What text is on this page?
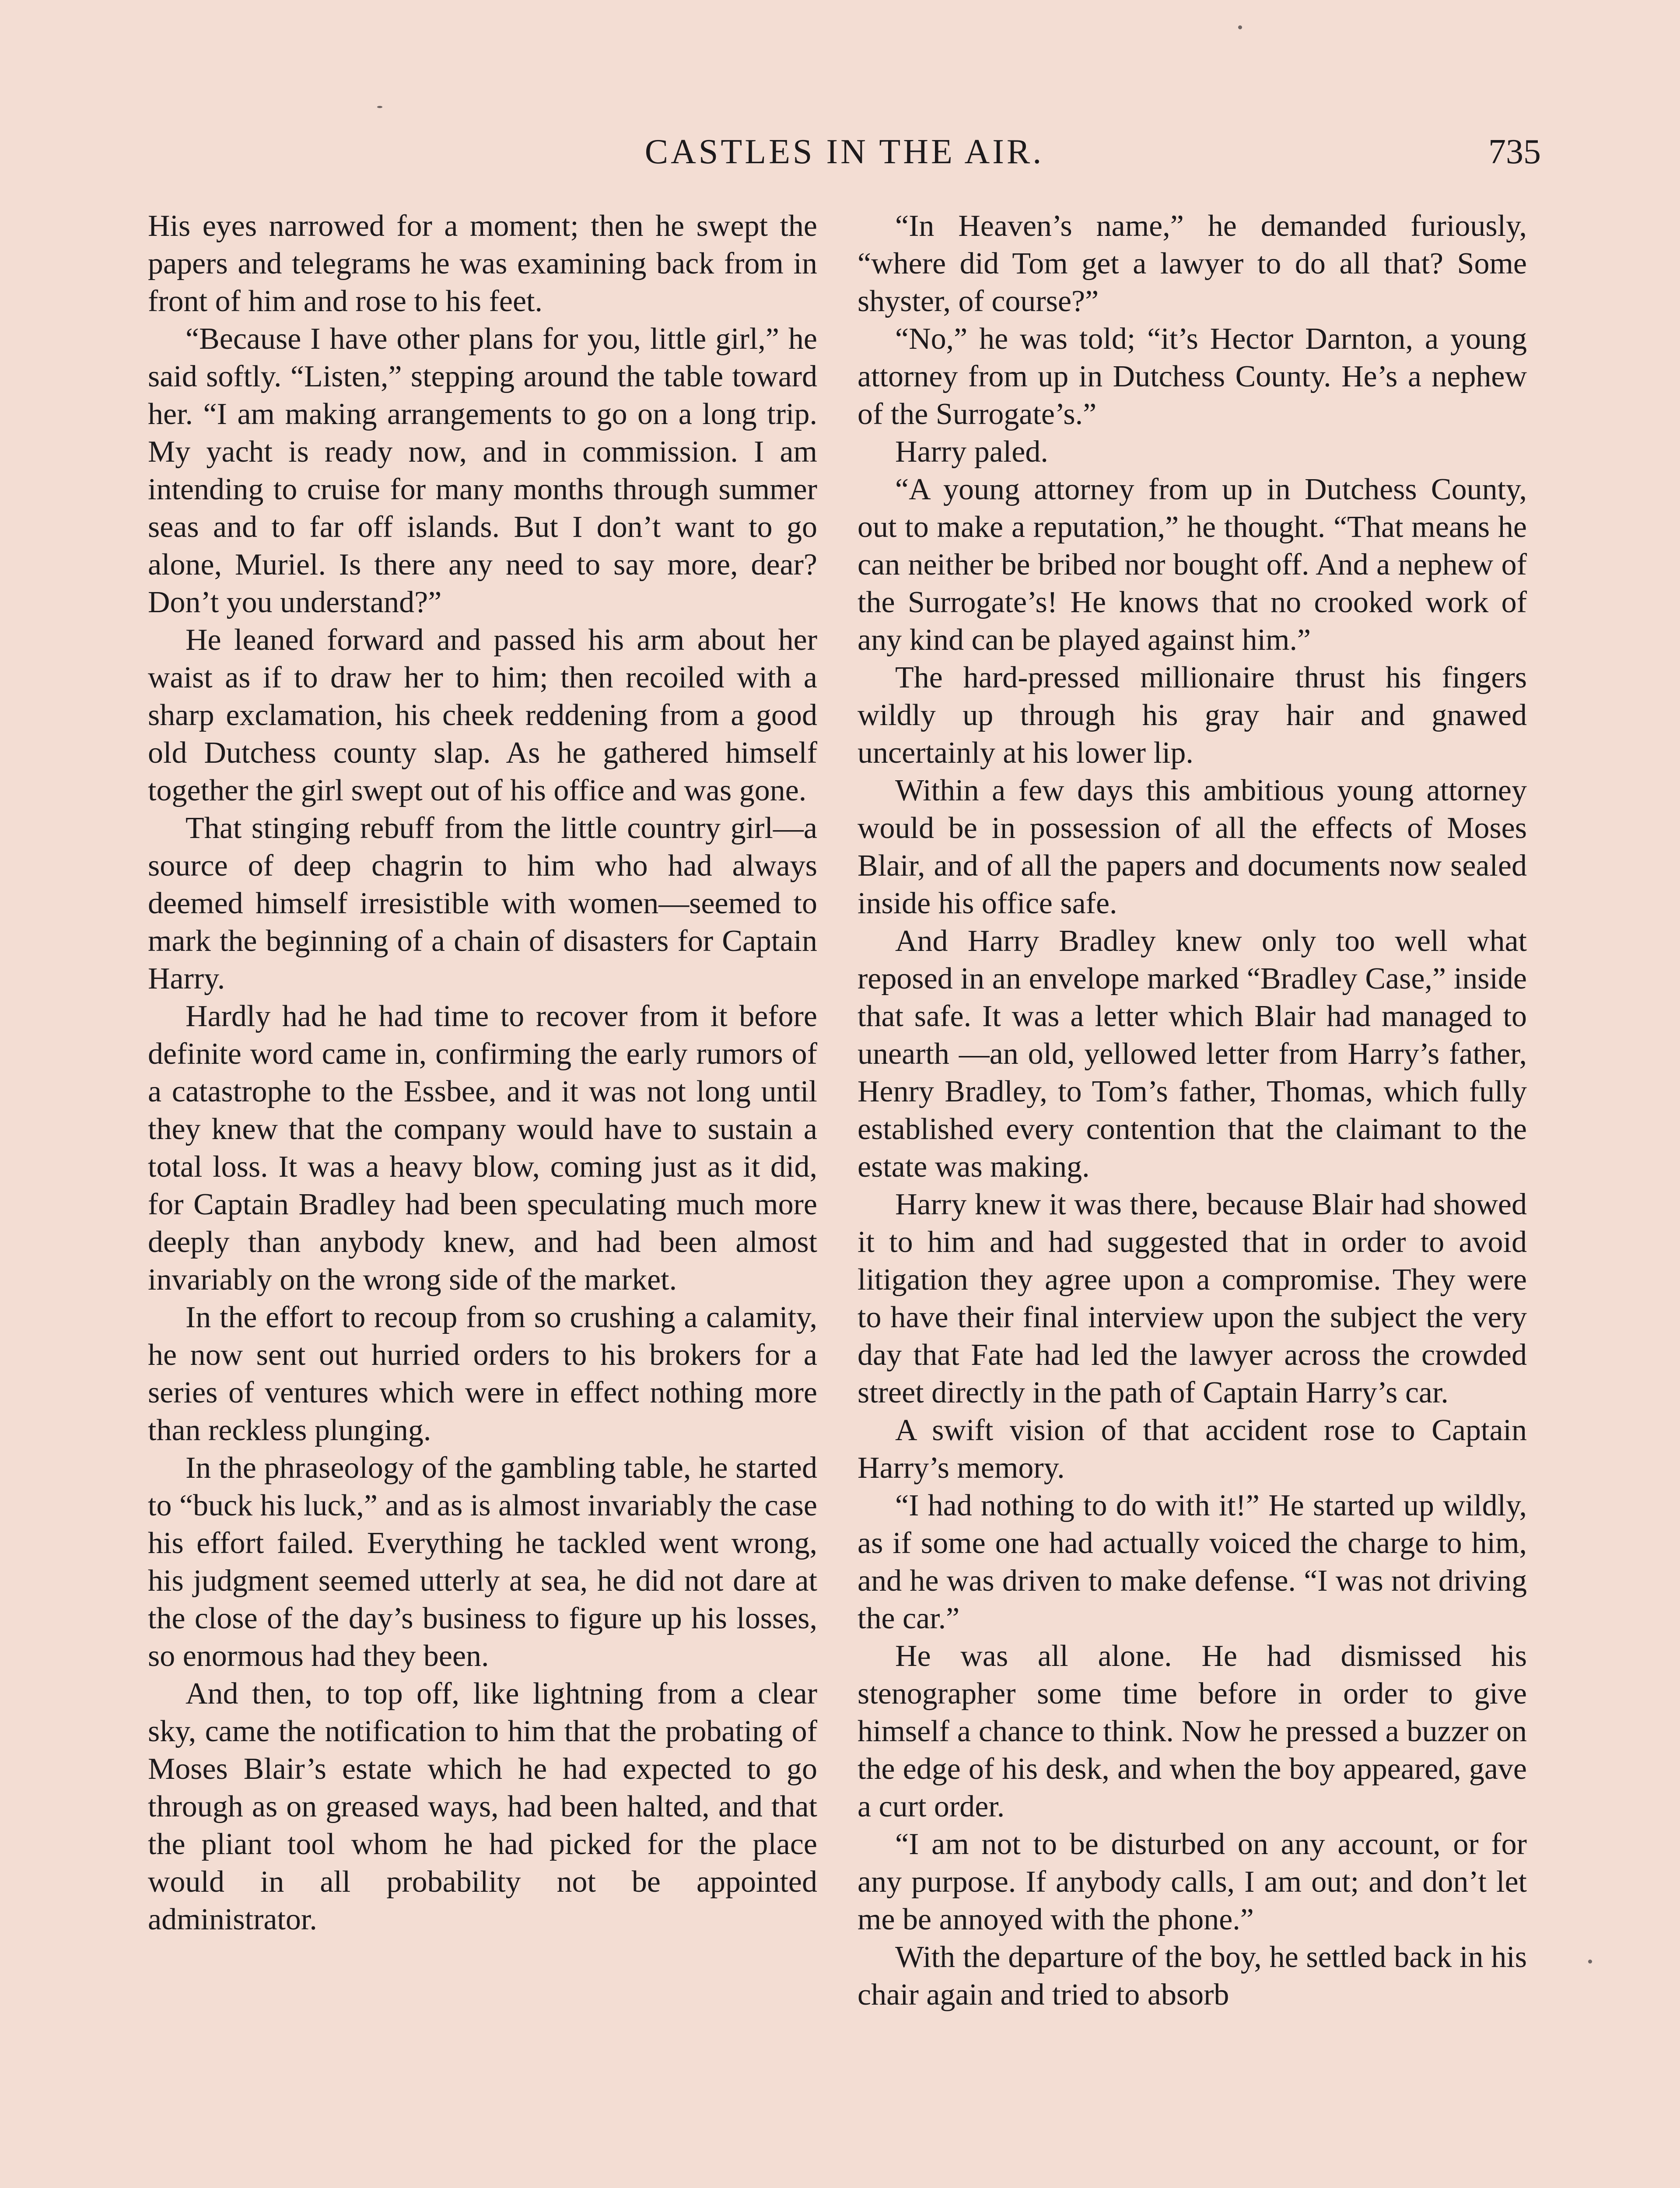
CASTLES IN THE AIR.	735

His eyes narrowed for a moment; then he swept the papers and telegrams he was examining back from in front of him and rose to his feet.

“Because I have other plans for you, little girl,” he said softly. “Listen,” stepping around the table toward her. “I am making arrangements to go on a long trip. My yacht is ready now, and in commission. I am intending to cruise for many months through summer seas and to far off islands. But I don’t want to go alone, Muriel. Is there any need to say more, dear? Don’t you understand?”

He leaned forward and passed his arm about her waist as if to draw her to him; then recoiled with a sharp exclamation, his cheek reddening from a good old Dutchess county slap. As he gathered himself together the girl swept out of his office and was gone.

That stinging rebuff from the little country girl—a source of deep chagrin to him who had always deemed himself irresistible with women—seemed to mark the beginning of a chain of disasters for Captain Harry.

Hardly had he had time to recover from it before definite word came in, confirming the early rumors of a catastrophe to the Essbee, and it was not long until they knew that the company would have to sustain a total loss. It was a heavy blow, coming just as it did, for Captain Bradley had been speculating much more deeply than anybody knew, and had been almost invariably on the wrong side of the market.

In the effort to recoup from so crushing a calamity, he now sent out hurried orders to his brokers for a series of ventures which were in effect nothing more than reckless plunging.

In the phraseology of the gambling table, he started to “buck his luck,” and as is almost invariably the case his effort failed. Everything he tackled went wrong, his judgment seemed utterly at sea, he did not dare at the close of the day’s business to figure up his losses, so enormous had they been.

And then, to top off, like lightning from a clear sky, came the notification to him that the probating of Moses Blair’s estate which he had expected to go through as on greased ways, had been halted, and that the pliant tool whom he had picked for the place would in all probability not be appointed administrator.

“In Heaven’s name,” he demanded furiously, “where did Tom get a lawyer to do all that? Some shyster, of course?”

“No,” he was told; “it’s Hector Darnton, a young attorney from up in Dutchess County. He’s a nephew of the Surrogate’s.”

Harry paled.

“A young attorney from up in Dutchess County, out to make a reputation,” he thought. “That means he can neither be bribed nor bought off. And a nephew of the Surrogate’s! He knows that no crooked work of any kind can be played against him.”

The hard-pressed millionaire thrust his fingers wildly up through his gray hair and gnawed uncertainly at his lower lip.

Within a few days this ambitious young attorney would be in possession of all the effects of Moses Blair, and of all the papers and documents now sealed inside his office safe.

And Harry Bradley knew only too well what reposed in an envelope marked “Bradley Case,” inside that safe. It was a letter which Blair had managed to unearth —an old, yellowed letter from Harry’s father, Henry Bradley, to Tom’s father, Thomas, which fully established every contention that the claimant to the estate was making.

Harry knew it was there, because Blair had showed it to him and had suggested that in order to avoid litigation they agree upon a compromise. They were to have their final interview upon the subject the very day that Fate had led the lawyer across the crowded street directly in the path of Captain Harry’s car.

A swift vision of that accident rose to Captain Harry’s memory.

“I had nothing to do with it!” He started up wildly, as if some one had actually voiced the charge to him, and he was driven to make defense. “I was not driving the car.”

He was all alone. He had dismissed his stenographer some time before in order to give himself a chance to think. Now he pressed a buzzer on the edge of his desk, and when the boy appeared, gave a curt order.

“I am not to be disturbed on any account, or for any purpose. If anybody calls, I am out; and don’t let me be annoyed with the phone.”

With the departure of the boy, he settled back in his chair again and tried to absorb
